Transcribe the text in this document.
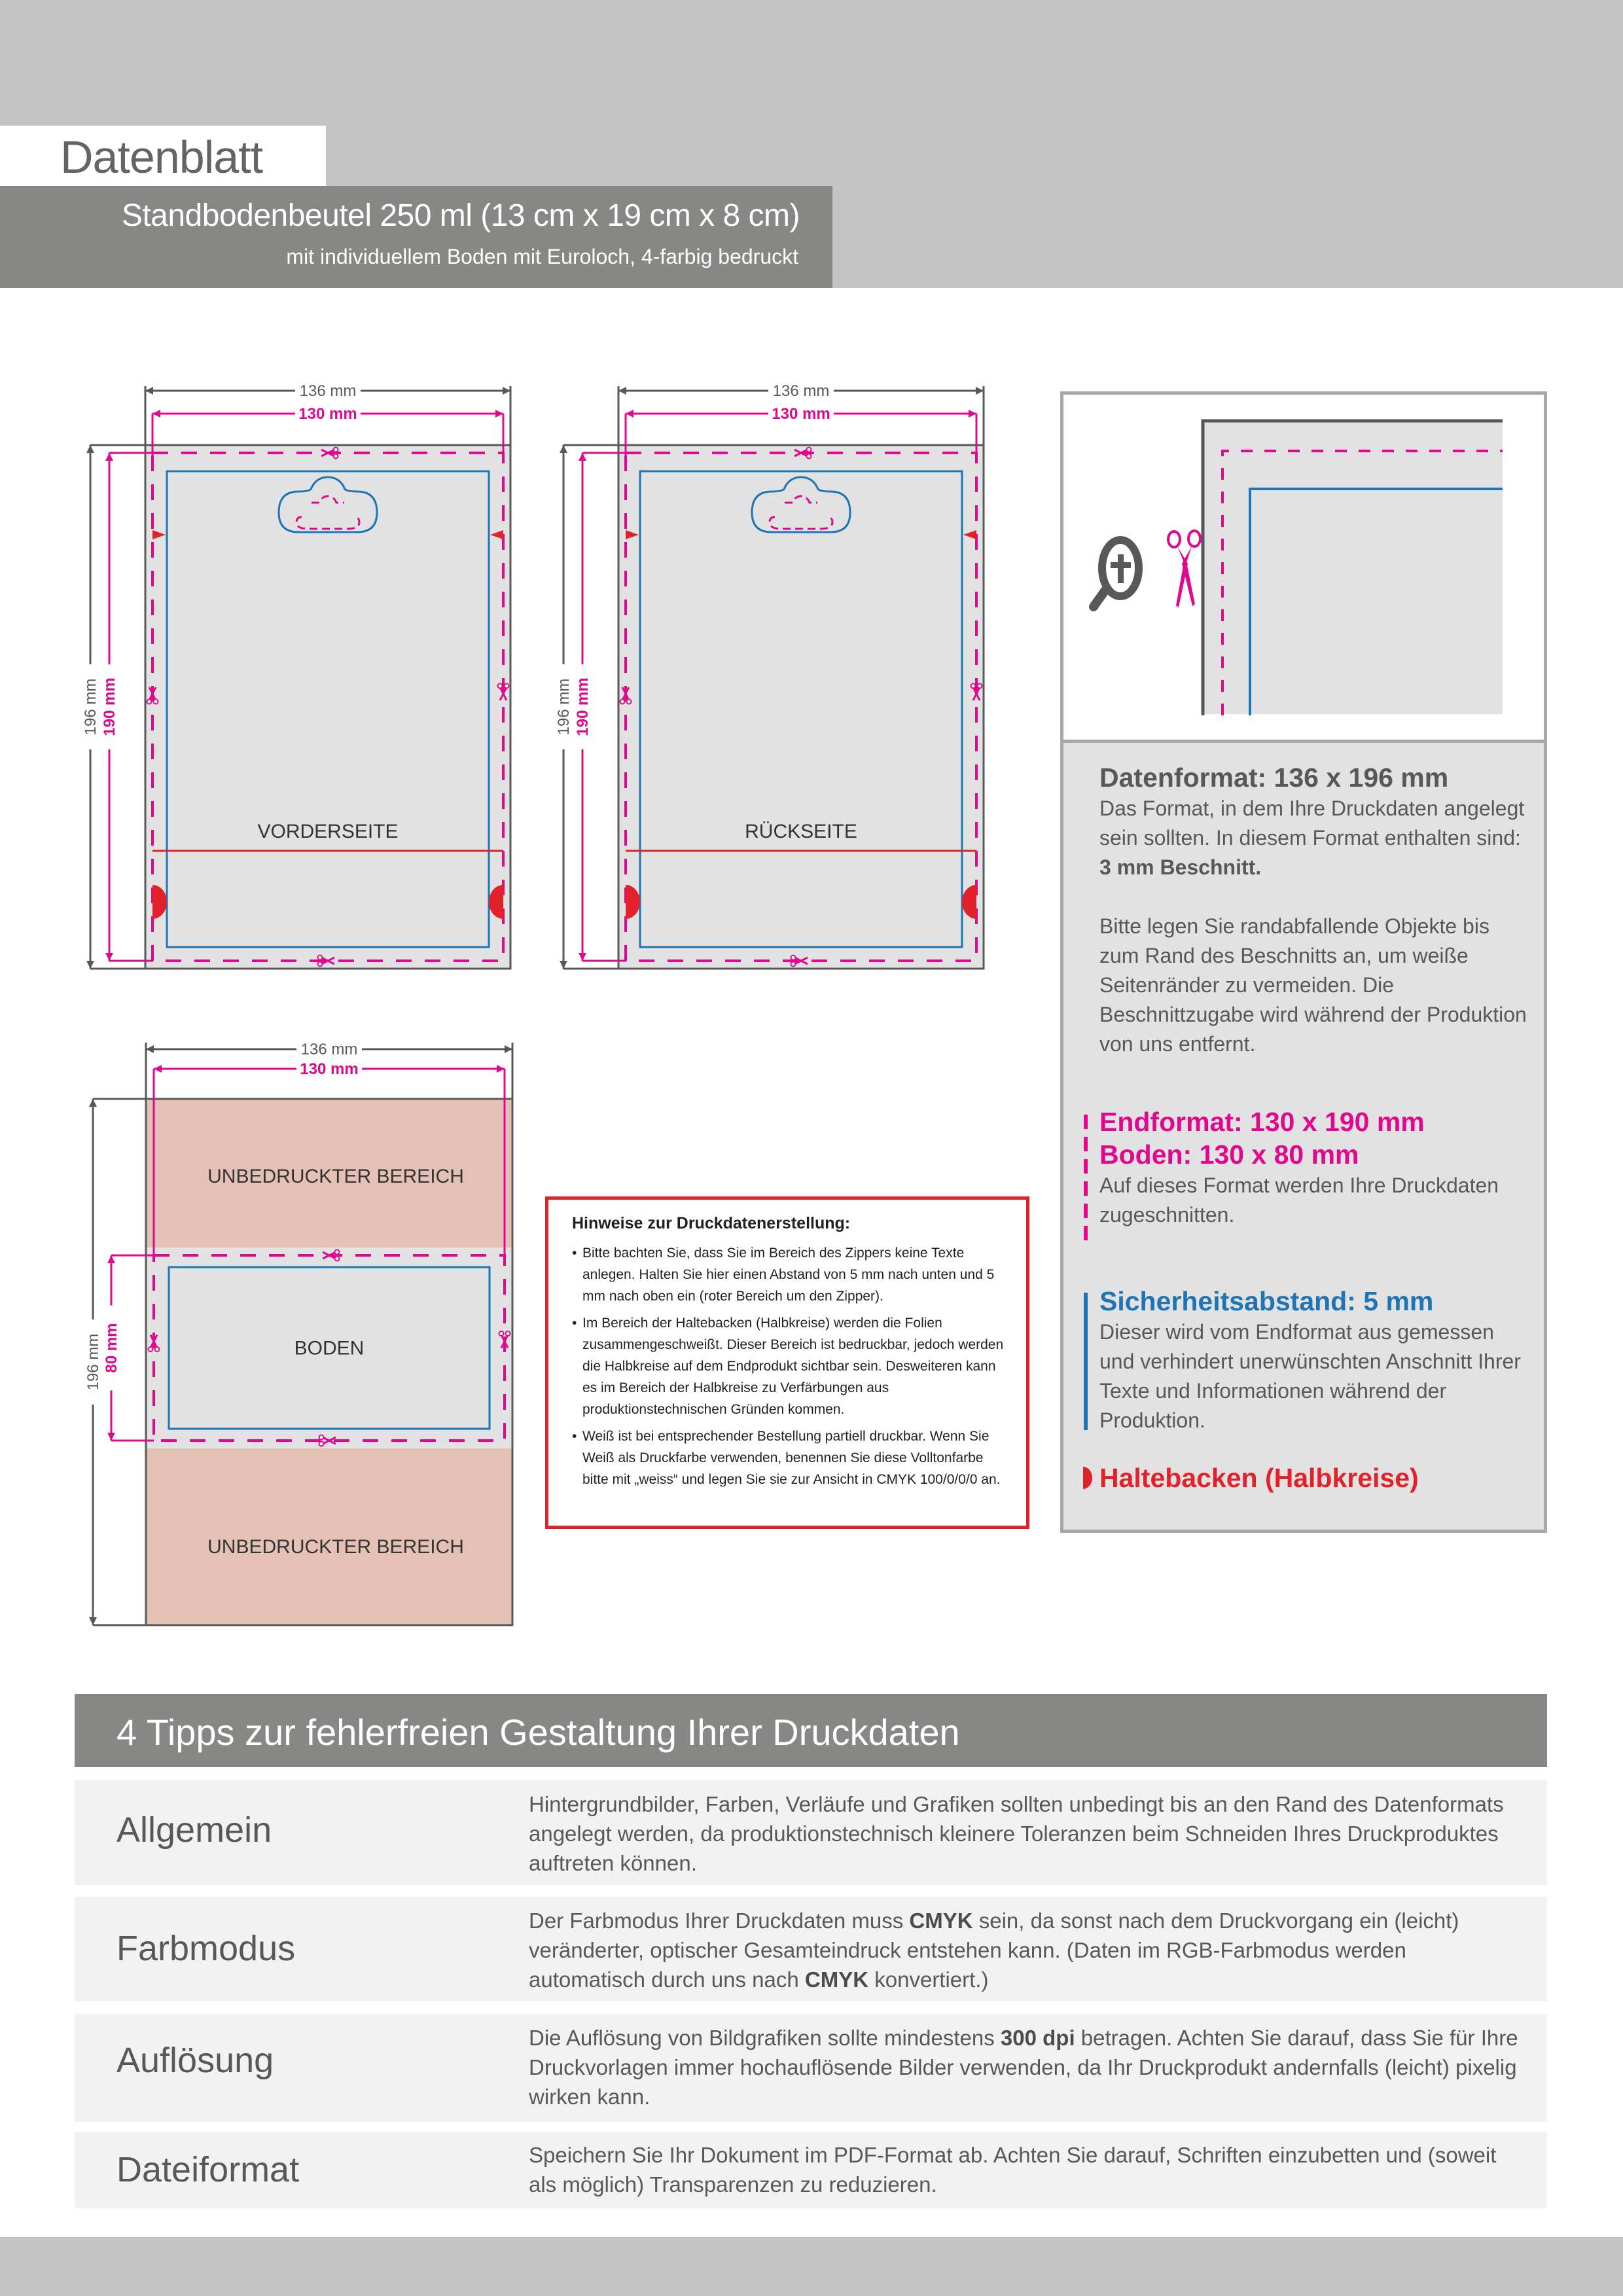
Datenblatt
Standbodenbeutel 250 ml (13 cm x 19 cm x 8 cm)
mit individuellem Boden mit Euroloch, 4-farbig bedruckt
136 mm
130 mm
196 mm 190 mm
VORDERSEITE
136 mm
130 mm
196 mm 190 mm
RÜCKSEITE
136 mm
130 mm
196 mm 80 mm
UNBEDRUCKTER BEREICH
BODEN
UNBEDRUCKTER BEREICH
Hinweise zur Druckdatenerstellung:
• Bitte bachten Sie, dass Sie im Bereich des Zippers keine Texte anlegen. Halten Sie hier einen Abstand von 5 mm nach unten und 5 mm nach oben ein (roter Bereich um den Zipper).
• Im Bereich der Haltebacken (Halbkreise) werden die Folien zusammengeschweißt. Dieser Bereich ist bedruckbar, jedoch werden die Halbkreise auf dem Endprodukt sichtbar sein. Desweiteren kann es im Bereich der Halbkreise zu Verfärbungen aus produktionstechnischen Gründen kommen.
• Weiß ist bei entsprechender Bestellung partiell druckbar. Wenn Sie Weiß als Druckfarbe verwenden, benennen Sie diese Volltonfarbe bitte mit „weiss“ und legen Sie sie zur Ansicht in CMYK 100/0/0/0 an.
Datenformat: 136 x 196 mm
Das Format, in dem Ihre Druckdaten angelegt sein sollten. In diesem Format enthalten sind: 3 mm Beschnitt.
Bitte legen Sie randabfallende Objekte bis zum Rand des Beschnitts an, um weiße Seitenränder zu vermeiden. Die Beschnittzugabe wird während der Produktion von uns entfernt.
Endformat: 130 x 190 mm
Boden: 130 x 80 mm
Auf dieses Format werden Ihre Druckdaten zugeschnitten.
Sicherheitsabstand: 5 mm
Dieser wird vom Endformat aus gemessen und verhindert unerwünschten Anschnitt Ihrer Texte und Informationen während der Produktion.
Haltebacken (Halbkreise)
4 Tipps zur fehlerfreien Gestaltung Ihrer Druckdaten
Allgemein
Hintergrundbilder, Farben, Verläufe und Grafiken sollten unbedingt bis an den Rand des Datenformats angelegt werden, da produktionstechnisch kleinere Toleranzen beim Schneiden Ihres Druckproduktes auftreten können.
Farbmodus
Der Farbmodus Ihrer Druckdaten muss CMYK sein, da sonst nach dem Druckvorgang ein (leicht) veränderter, optischer Gesamteindruck entstehen kann. (Daten im RGB-Farbmodus werden automatisch durch uns nach CMYK konvertiert.)
Auflösung
Die Auflösung von Bildgrafiken sollte mindestens 300 dpi betragen. Achten Sie darauf, dass Sie für Ihre Druckvorlagen immer hochauflösende Bilder verwenden, da Ihr Druckprodukt andernfalls (leicht) pixelig wirken kann.
Dateiformat	Speichern Sie Ihr Dokument im PDF-Format ab. Achten Sie darauf, Schriften einzubetten und (soweit als möglich) Transparenzen zu reduzieren.
